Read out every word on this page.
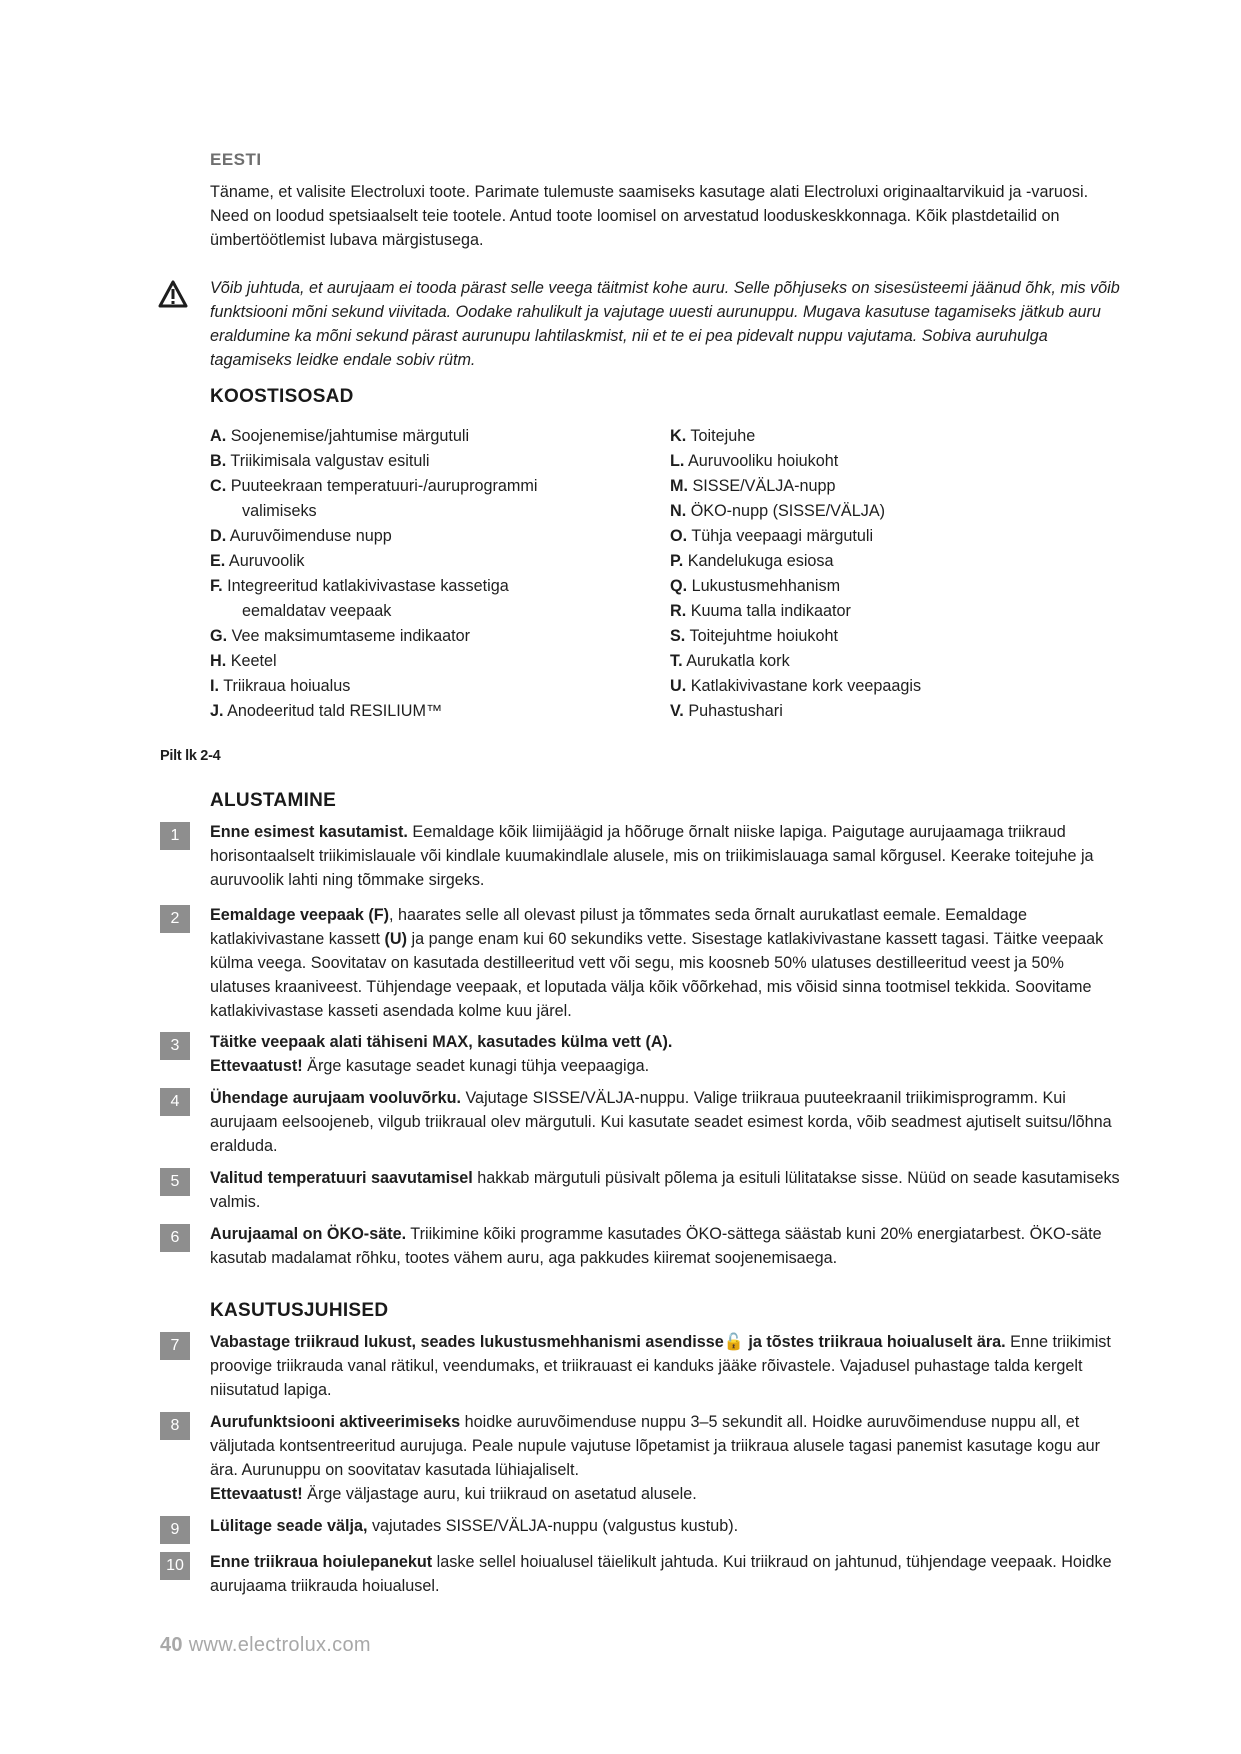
EESTI
Täname, et valisite Electroluxi toote. Parimate tulemuste saamiseks kasutage alati Electroluxi originaaltarvikuid ja -varuosi. Need on loodud spetsiaalselt teie tootele. Antud toote loomisel on arvestatud looduskeskkonnaga. Kõik plastdetailid on ümbertöötlemist lubava märgistusega.
Võib juhtuda, et aurujaam ei tooda pärast selle veega täitmist kohe auru. Selle põhjuseks on sisesüsteemi jäänud õhk, mis võib funktsiooni mõni sekund viivitada. Oodake rahulikult ja vajutage uuesti aurunuppu. Mugava kasutuse tagamiseks jätkub auru eraldumine ka mõni sekund pärast aurunupu lahtilaskmist, nii et te ei pea pidevalt nuppu vajutama. Sobiva auruhulga tagamiseks leidke endale sobiv rütm.
KOOSTISOSAD
A. Soojenemise/jahtumise märgutuli
B. Triikimisala valgustav esituli
C. Puuteekraan temperatuuri-/auruprogrammi
valimiseks
D. Auruvõimenduse nupp
E. Auruvoolik
F. Integreeritud katlakivivastase kassetiga
eemaldatav veepaak
G. Vee maksimumtaseme indikaator
H. Keetel
I. Triikraua hoiualus
J. Anodeeritud tald RESILIUM™
K. Toitejuhe
L. Auruvooliku hoiukoht
M. SISSE/VÄLJA-nupp
N. ÖKO-nupp (SISSE/VÄLJA)
O. Tühja veepaagi märgutuli
P. Kandelukuga esiosa
Q. Lukustusmehhanism
R. Kuuma talla indikaator
S. Toitejuhtme hoiukoht
T. Aurukatla kork
U. Katlakivivastane kork veepaagis
V. Puhastushari
Pilt lk 2-4
ALUSTAMINE
1	Enne esimest kasutamist. Eemaldage kõik liimijäägid ja hõõruge õrnalt niiske lapiga. Paigutage aurujaamaga triikraud horisontaalselt triikimislauale või kindlale kuumakindlale alusele, mis on triikimislauaga samal kõrgusel. Keerake toitejuhe ja auruvoolik lahti ning tõmmake sirgeks.
2	Eemaldage veepaak (F), haarates selle all olevast pilust ja tõmmates seda õrnalt aurukatlast eemale. Eemaldage katlakivivastane kassett (U) ja pange enam kui 60 sekundiks vette. Sisestage katlakivivastane kassett tagasi. Täitke veepaak külma veega. Soovitatav on kasutada destilleeritud vett või segu, mis koosneb 50% ulatuses destilleeritud veest ja 50% ulatuses kraaniveest. Tühjendage veepaak, et loputada välja kõik võõrkehad, mis võisid sinna tootmisel tekkida. Soovitame katlakivivastase kasseti asendada kolme kuu järel.
3	Täitke veepaak alati tähiseni MAX, kasutades külma vett (A).
Ettevaatust! Ärge kasutage seadet kunagi tühja veepaagiga.
4	Ühendage aurujaam vooluvõrku. Vajutage SISSE/VÄLJA-nuppu. Valige triikraua puuteekraanil triikimisprogramm. Kui aurujaam eelsoojeneb, vilgub triikraual olev märgutuli. Kui kasutate seadet esimest korda, võib seadmest ajutiselt suitsu/lõhna eralduda.
5	Valitud temperatuuri saavutamisel hakkab märgutuli püsivalt põlema ja esituli lülitatakse sisse. Nüüd on seade kasutamiseks valmis.
6	Aurujaamal on ÖKO-säte. Triikimine kõiki programme kasutades ÖKO-sättega säästab kuni 20% energiatarbest. ÖKO-säte kasutab madalamat rõhku, tootes vähem auru, aga pakkudes kiiremat soojenemisaega.
KASUTUSJUHISED
7	Vabastage triikraud lukust, seades lukustusmehhanismi asendisse🔓 ja tõstes triikraua hoiualuselt ära. Enne triikimist proovige triikrauda vanal rätikul, veendumaks, et triikrauast ei kanduks jääke rõivastele. Vajadusel puhastage talda kergelt niisutatud lapiga.
8	Aurufunktsiooni aktiveerimiseks hoidke auruvõimenduse nuppu 3–5 sekundit all. Hoidke auruvõimenduse nuppu all, et väljutada kontsentreeritud aurujuga. Peale nupule vajutuse lõpetamist ja triikraua alusele tagasi panemist kasutage kogu aur ära. Aurunuppu on soovitatav kasutada lühiajaliselt.
Ettevaatust! Ärge väljastage auru, kui triikraud on asetatud alusele.
9	Lülitage seade välja, vajutades SISSE/VÄLJA-nuppu (valgustus kustub).
10	Enne triikraua hoiulepanekut laske sellel hoiualusel täielikult jahtuda. Kui triikraud on jahtunud, tühjendage veepaak. Hoidke aurujaama triikrauda hoiualusel.
40 www.electrolux.com
